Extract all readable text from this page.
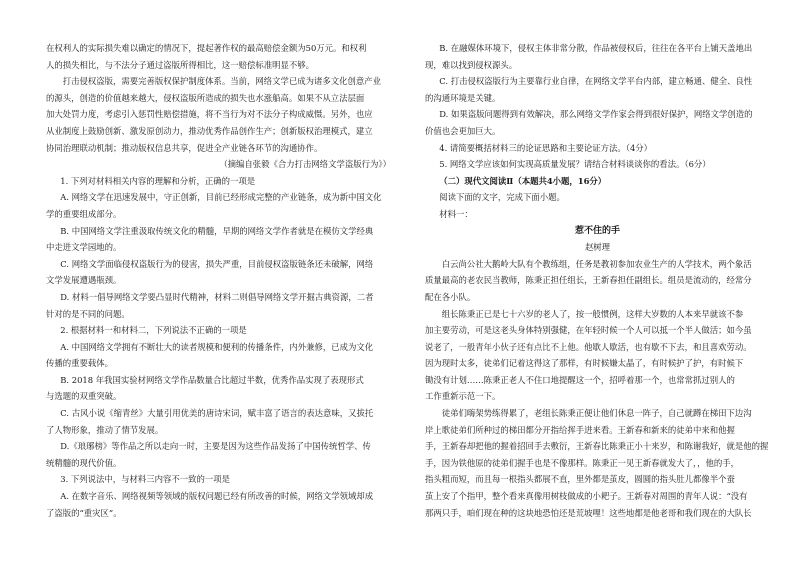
在权利人的实际损失难以确定的情况下，提起著作权的最高赔偿金额为50万元。和权利

人的损失相比，与不法分子通过盗版所得相比，这一赔偿标准明显不够。

打击侵权盗版，需要完善版权保护制度体系。当前，网络文学已成为诸多文化创意产业

的源头，创造的价值越来越大，侵权盗版所造成的损失也水涨船高。如果不从立法层面

加大处罚力度，考虑引入惩罚性赔偿措施，将不当行为对不法分子构成威慑。另外，也应

从业制度上鼓励创新、激发原创动力，推动优秀作品创作生产；创新版权治理模式，建立

协同治理联动机制；推动版权信息共享，促进全产业链各环节的沟通协作。

（摘编自张毅《合力打击网络文学盗版行为》）

1. 下列对材料相关内容的理解和分析，正确的一项是

A. 网络文学在迅速发展中，守正创新，目前已经形成完整的产业链条，成为新中国文化

学的重要组成部分。

B. 中国网络文学注重汲取传统文化的精髓，早期的网络文学作者就是在模仿文学经典

中走进文学园地的。

C. 网络文学面临侵权盗版行为的侵害，损失严重，目前侵权盗版链条还未破解，网络

文学发展遭遇瓶颈。

D. 材料一倡导网络文学要凸显时代精神，材料二则倡导网络文学开掘古典资源，二者

针对的是不同的问题。

2. 根据材料一和材料二，下列说法不正确的一项是

A. 中国网络文学拥有不断壮大的读者规模和便利的传播条件，内外兼修，已成为文化

传播的重要载体。

B. 2018 年我国实验材网络文学作品数量合比超过半数，优秀作品实现了表现形式

与选题的双重突破。

C. 古风小说《缩青丝》大量引用优美的唐诗宋词，赋丰富了语言的表达意味，又拔托

了人物形象，推动了情节发展。

D.《琅琊榜》等作品之所以走向一时，主要是因为这些作品发扬了中国传统哲学、传

统精髓的现代价值。

3. 下列说法中，与材料三内容不一致的一项是

A. 在数字音乐、网络视频等领域的版权问题已经有所改善的时候，网络文学领域却成

了盗版的“重灾区”。

B. 在融媒体环境下，侵权主体非常分散，作品被侵权后，往往在各平台上铺天盖地出

现，难以找到侵权源头。

C. 打击侵权盗版行为主要靠行业自律，在网络文学平台内部，建立畅通、健全、良性

的沟通环境是关键。

D. 如果盗版问题得到有效解决，那么网络文学作家会得到很好保护，网络文学创造的

价值也会更加巨大。

4. 请简要概括材料三的论证思路和主要论证方法。（4分）

5. 网络文学应该如何实现高质量发展？请结合材料谈谈你的看法。（6分）

（二）现代文阅读Ⅱ（本题共4小题，16分）

阅读下面的文字，完成下面小题。

材料一：

惹不住的手

赵树理

白云尚公社大鹅岭大队有个教练组，任务是教初参加农业生产的人学技术，两个象活

质量最高的老农民当教师，陈秉正担任组长，王新春担任副组长。组员是流动的，经常分

配在各小队。

组长陈秉正已是七十六岁的老人了，按一般惯例，这样大岁数的人本来早就该不参

加主要劳动，可是这老头身体特别强健，在年轻时候一个人可以抵一个半人做活；如今虽

说老了，一般青年小伙子还有点比不上他。他歇人歇活，也有歇不下去，和且喜欢劳动。

因为现时太多，徒弟们记着这得这了那样，有时候嫌太晶了，有时候护了护，有时候下

锄没有计划……陈秉正老人不住口地提醒这一个，招呼着那一个，也常常抓过别人的

工作重新示范一下。

徒弟们嗨架势练得累了，老组长陈秉正便让他们休息一阵子，自己就蹲在梯田下边沟

岸上歌徒弟们所种过的梯田都分开指给挥手进来看。王新春和新来的徒弟中来和他握

手，王新春却把他的握着招回手去敷衍，王新春比陈秉正小十来岁，和陈谢我好，就是他的握

手，因为铁他原的徒弟们握手也是不像那样。陈秉正一见王新春就发大了，，他的手，

指头粗而短，而且每一根指头都展不直，里外都是茧皮，圆圆的指头肚儿都像半个蚕

茧上安了个指甲，整个看来真像用树枝做成的小耙子。王新春对周围的青年人说：“没有

那两只手，咱们现在种的这块地恐怕还是荒坡哩！这些地都是他老哥和我们现在的大队长
